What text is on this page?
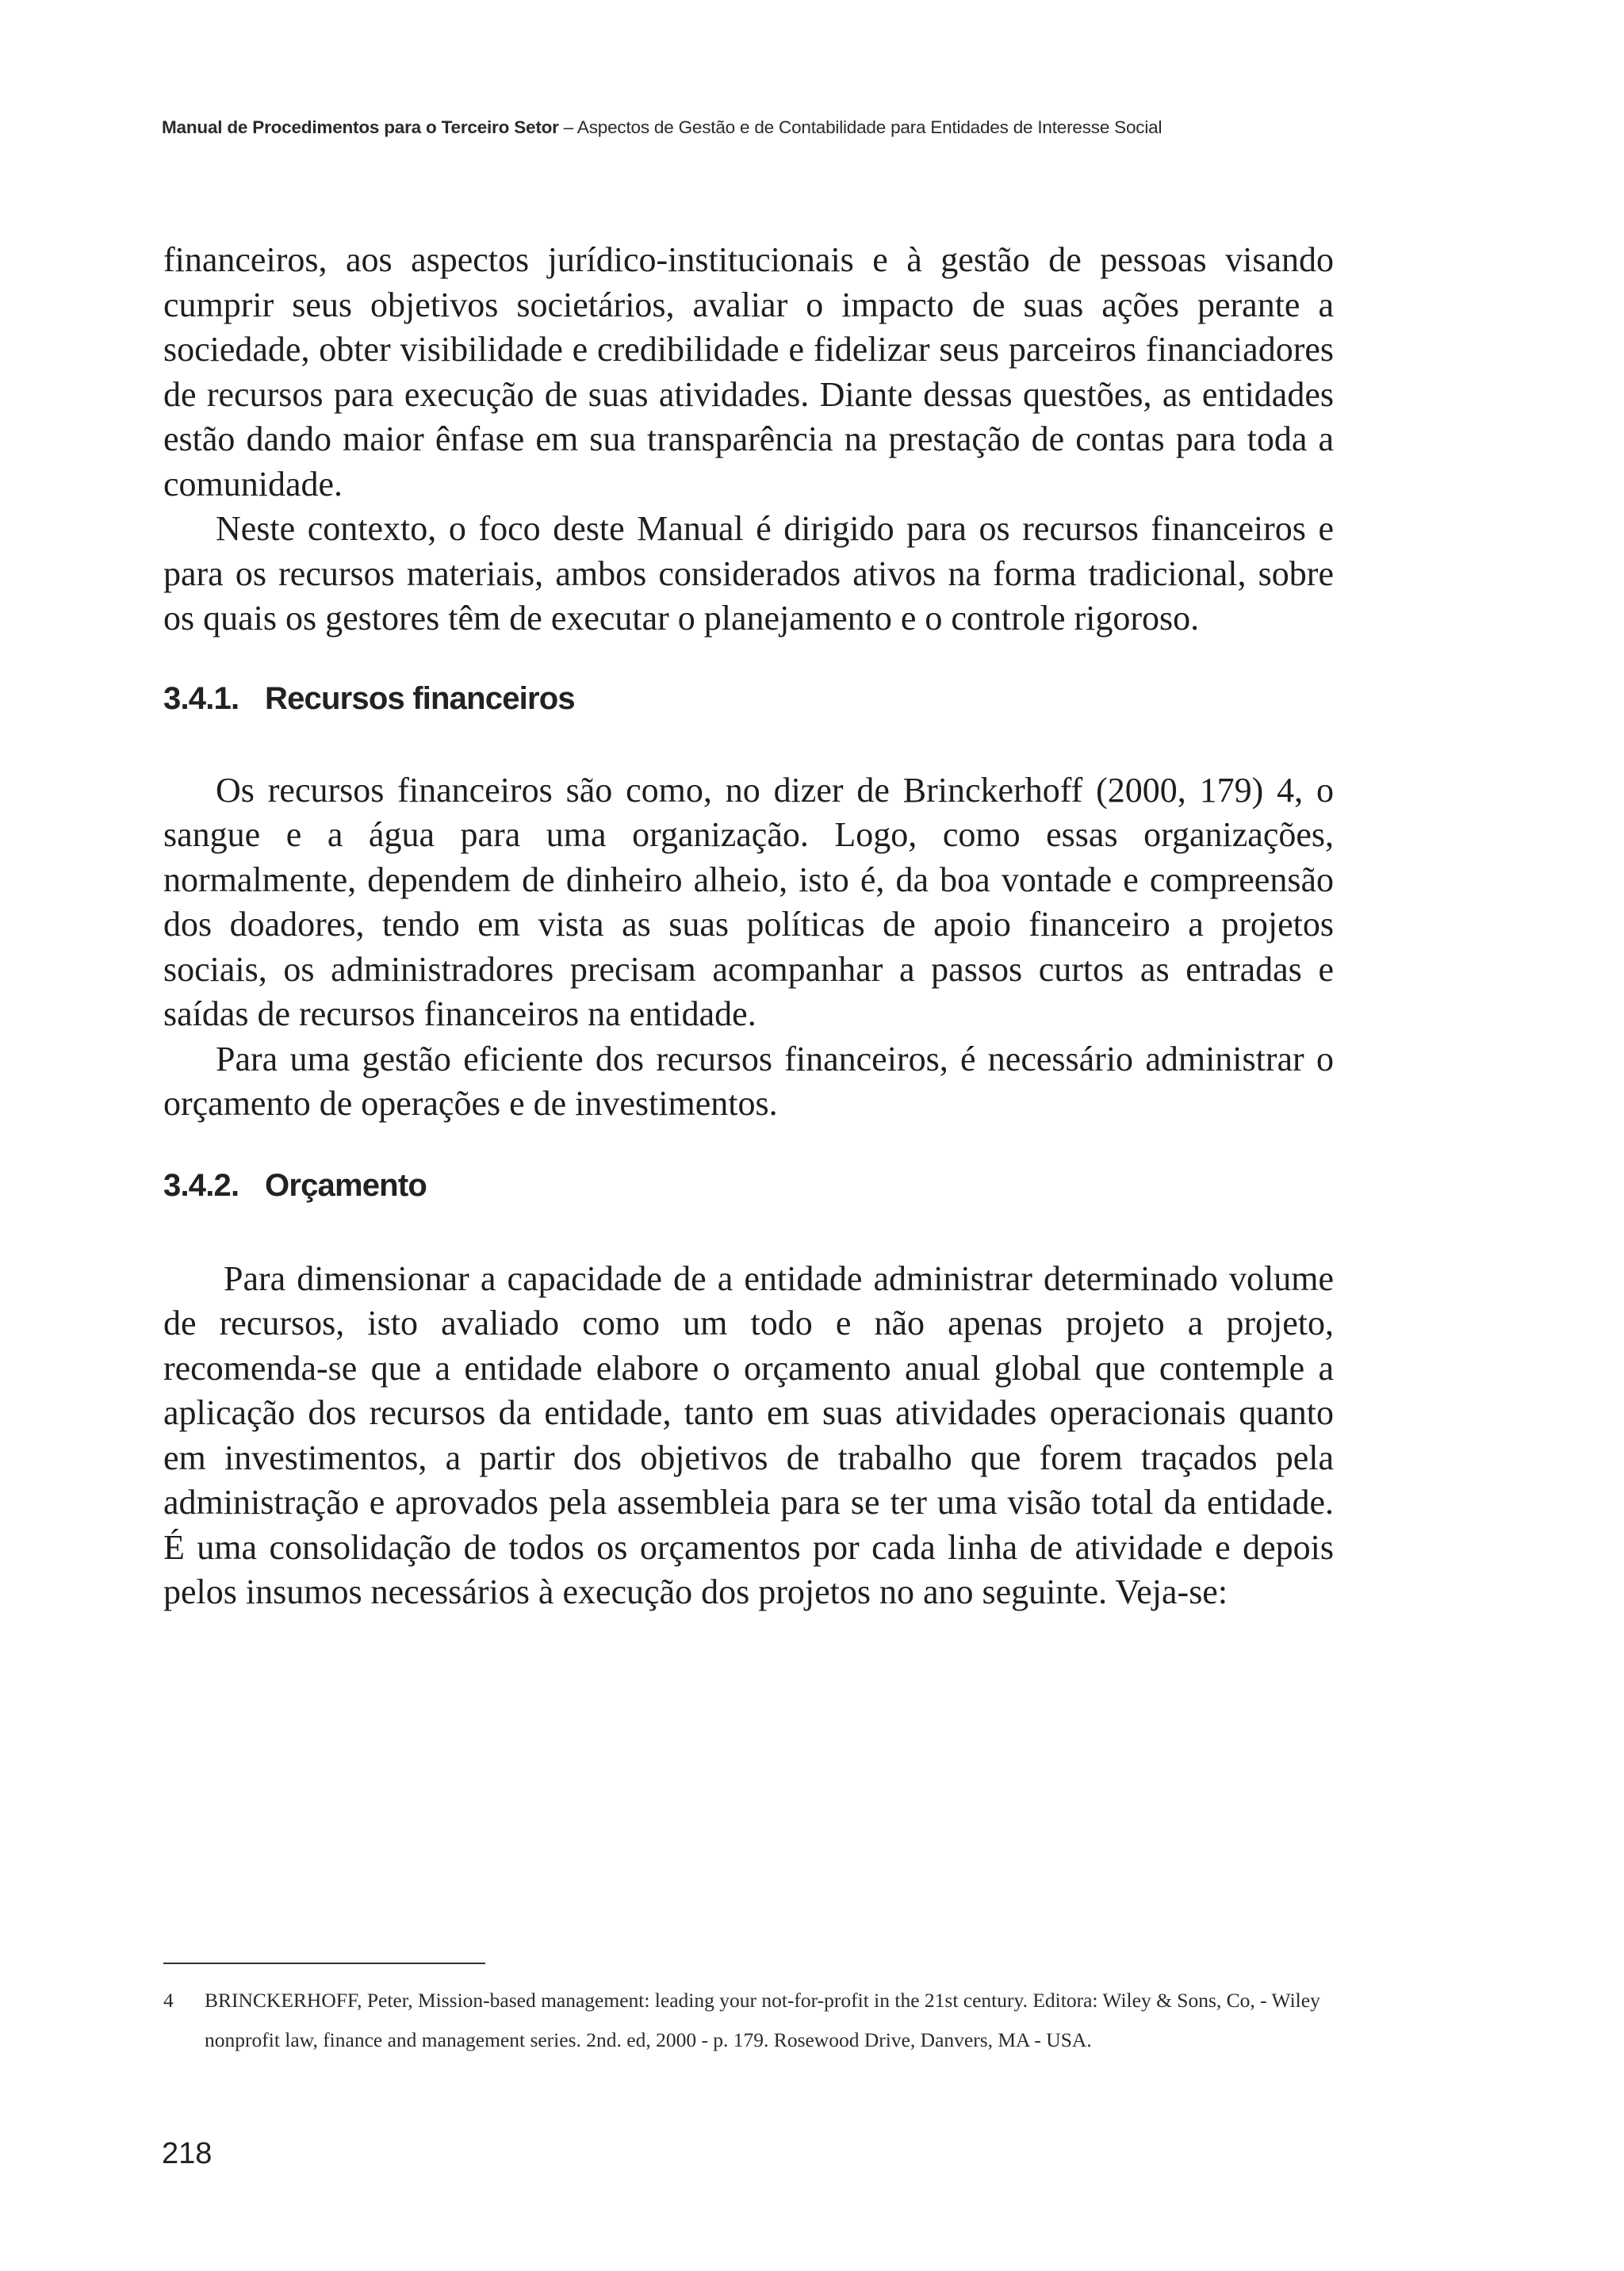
Manual de Procedimentos para o Terceiro Setor – Aspectos de Gestão e de Contabilidade para Entidades de Interesse Social

financeiros, aos aspectos jurídico-institucionais e à gestão de pessoas visando cumprir seus objetivos societários, avaliar o impacto de suas ações perante a sociedade, obter visibilidade e credibilidade e fidelizar seus parceiros financiadores de recursos para execução de suas atividades. Diante dessas questões, as entidades estão dando maior ênfase em sua transparência na prestação de contas para toda a comunidade.

Neste contexto, o foco deste Manual é dirigido para os recursos financeiros e para os recursos materiais, ambos considerados ativos na forma tradicional, sobre os quais os gestores têm de executar o planejamento e o controle rigoroso.

3.4.1. Recursos financeiros

Os recursos financeiros são como, no dizer de Brinckerhoff (2000, 179) 4, o sangue e a água para uma organização. Logo, como essas organizações, normalmente, dependem de dinheiro alheio, isto é, da boa vontade e compreensão dos doadores, tendo em vista as suas políticas de apoio financeiro a projetos sociais, os administradores precisam acompanhar a passos curtos as entradas e saídas de recursos financeiros na entidade.

Para uma gestão eficiente dos recursos financeiros, é necessário administrar o orçamento de operações e de investimentos.

3.4.2. Orçamento

Para dimensionar a capacidade de a entidade administrar determinado volume de recursos, isto avaliado como um todo e não apenas projeto a projeto, recomenda-se que a entidade elabore o orçamento anual global que contemple a aplicação dos recursos da entidade, tanto em suas atividades operacionais quanto em investimentos, a partir dos objetivos de trabalho que forem traçados pela administração e aprovados pela assembleia para se ter uma visão total da entidade. É uma consolidação de todos os orçamentos por cada linha de atividade e depois pelos insumos necessários à execução dos projetos no ano seguinte. Veja-se:

4 BRINCKERHOFF, Peter, Mission-based management: leading your not-for-profit in the 21st century. Editora: Wiley & Sons, Co, - Wiley nonprofit law, finance and management series. 2nd. ed, 2000 - p. 179. Rosewood Drive, Danvers, MA - USA.
218
